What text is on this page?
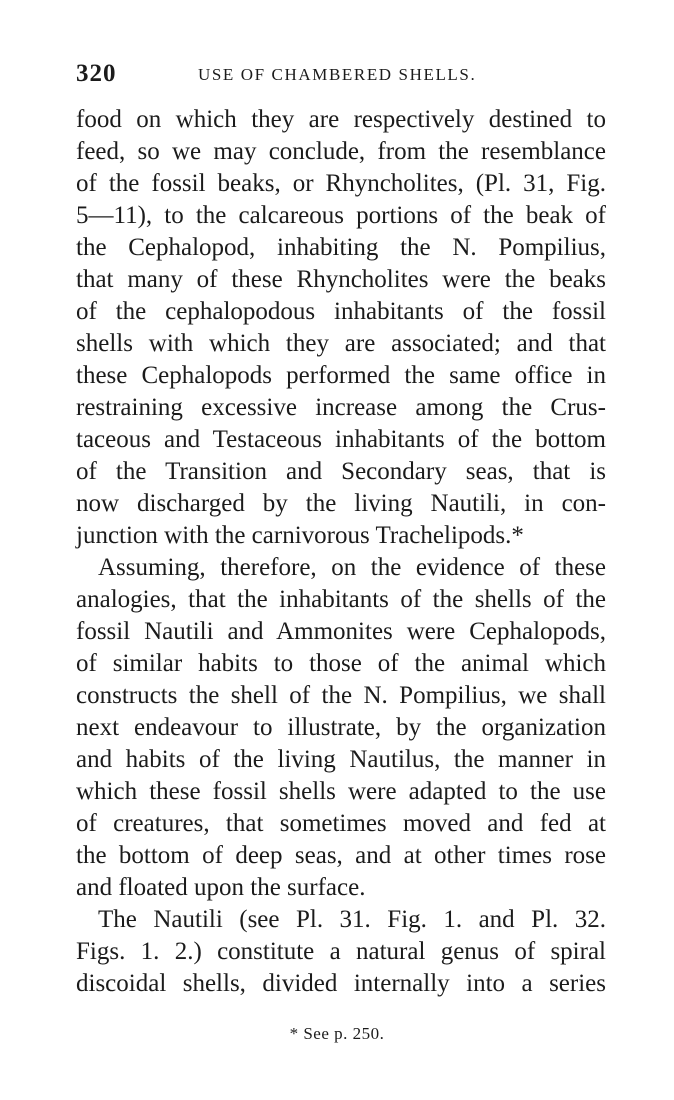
320	USE OF CHAMBERED SHELLS.
food on which they are respectively destined to
feed, so we may conclude, from the resemblance
of the fossil beaks, or Rhyncholites, (Pl. 31, Fig.
5—11), to the calcareous portions of the beak of
the Cephalopod, inhabiting the N. Pompilius,
that many of these Rhyncholites were the beaks
of the cephalopodous inhabitants of the fossil
shells with which they are associated; and that
these Cephalopods performed the same office in
restraining excessive increase among the Crus-
taceous and Testaceous inhabitants of the bottom
of the Transition and Secondary seas, that is
now discharged by the living Nautili, in con-
junction with the carnivorous Trachelipods.*
Assuming, therefore, on the evidence of these
analogies, that the inhabitants of the shells of the
fossil Nautili and Ammonites were Cephalopods,
of similar habits to those of the animal which
constructs the shell of the N. Pompilius, we shall
next endeavour to illustrate, by the organization
and habits of the living Nautilus, the manner in
which these fossil shells were adapted to the use
of creatures, that sometimes moved and fed at
the bottom of deep seas, and at other times rose
and floated upon the surface.
The Nautili (see Pl. 31. Fig. 1. and Pl. 32.
Figs. 1. 2.) constitute a natural genus of spiral
discoidal shells, divided internally into a series
* See p. 250.
